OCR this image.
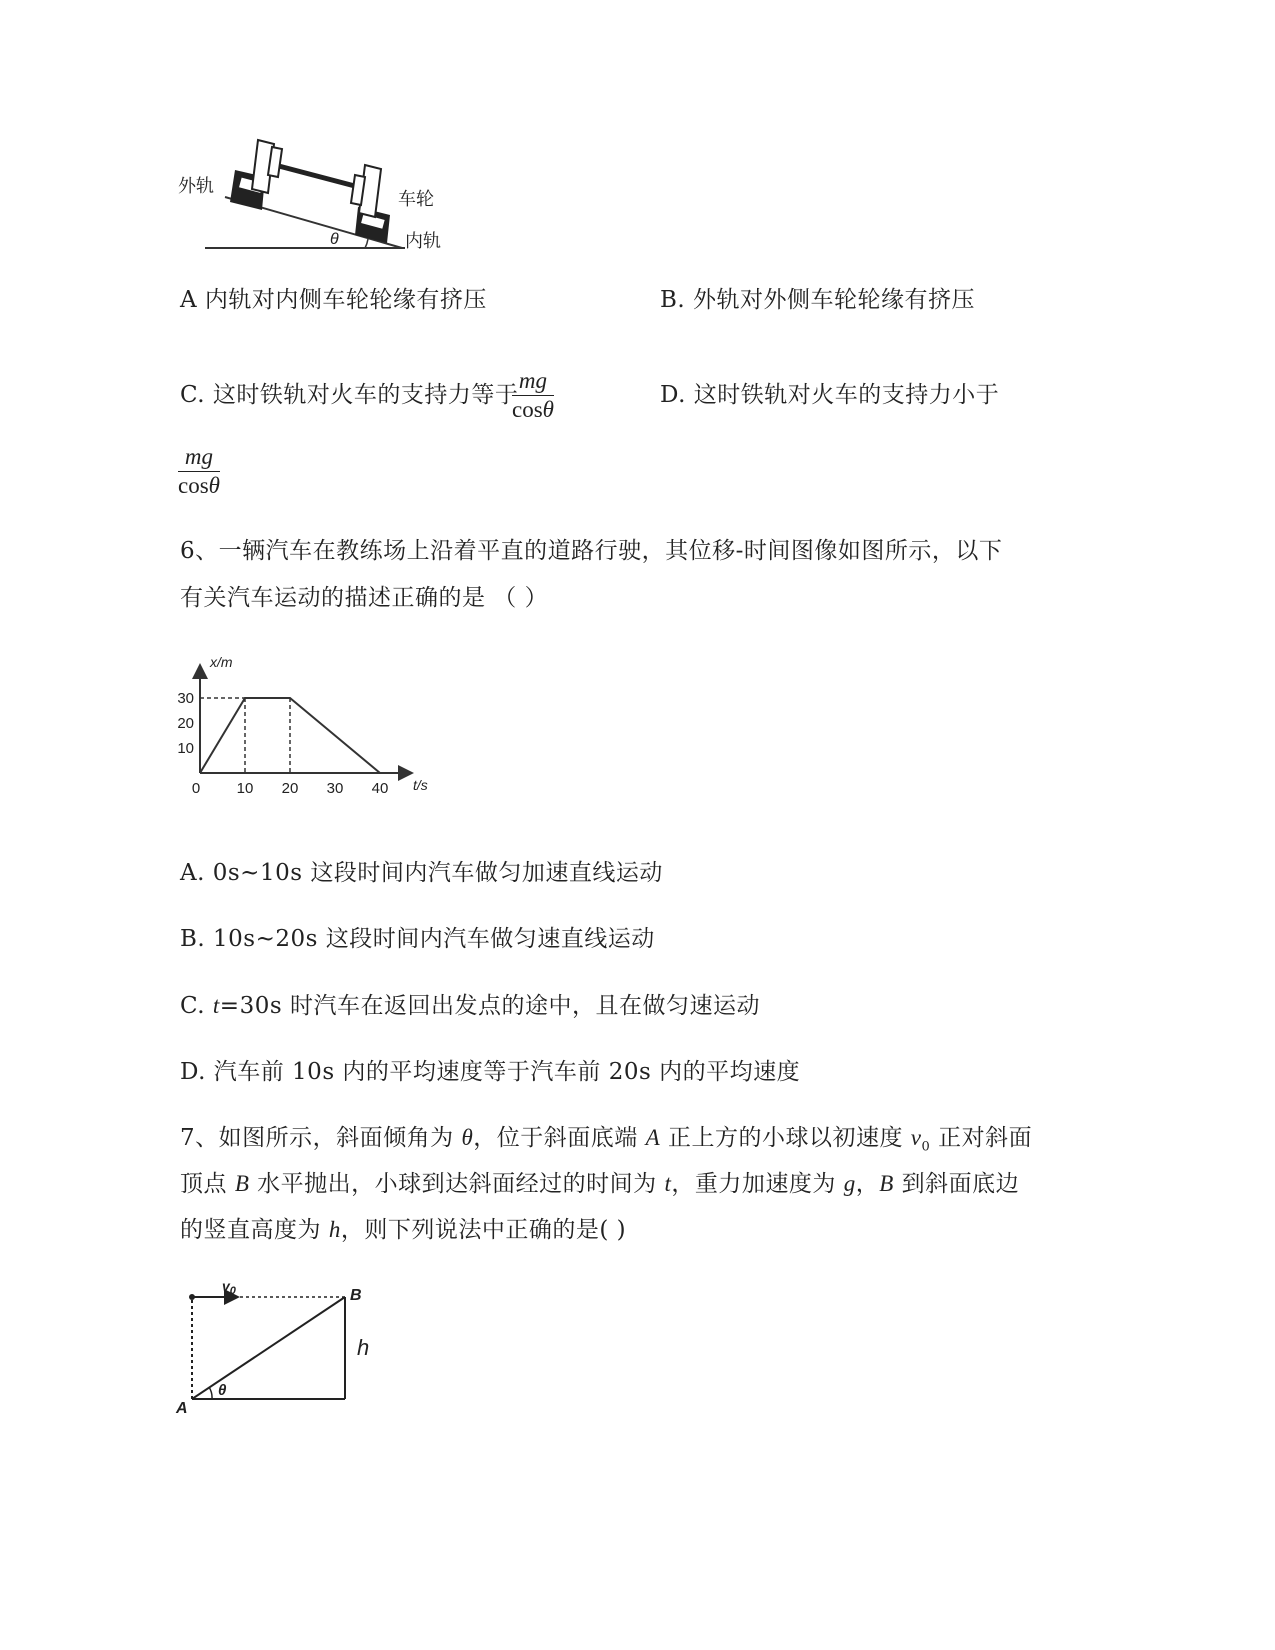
外轨
车轮
内轨
θ
A 内轨对内侧车轮轮缘有挤压	B. 外轨对外侧车轮轮缘有挤压
C. 这时铁轨对火车的支持力等于
mg
cosθ
D. 这时铁轨对火车的支持力小于
mg
cosθ
6、一辆汽车在教练场上沿着平直的道路行驶，其位移-时间图像如图所示，以下
有关汽车运动的描述正确的是 （ ）
0 10 20 30 40
10
20
30
x/m
t/s
A. 0s~10s 这段时间内汽车做匀加速直线运动
B. 10s~20s 这段时间内汽车做匀速直线运动
C. t=30s 时汽车在返回出发点的途中，且在做匀速运动
D. 汽车前 10s 内的平均速度等于汽车前 20s 内的平均速度
7、如图所示，斜面倾角为 θ，位于斜面底端 A 正上方的小球以初速度 $v_0$ 正对斜面
顶点 B 水平抛出，小球到达斜面经过的时间为 t，重力加速度为 g，B 到斜面底边
的竖直高度为 h，则下列说法中正确的是( )
θ
A
B
h
$v_0$
